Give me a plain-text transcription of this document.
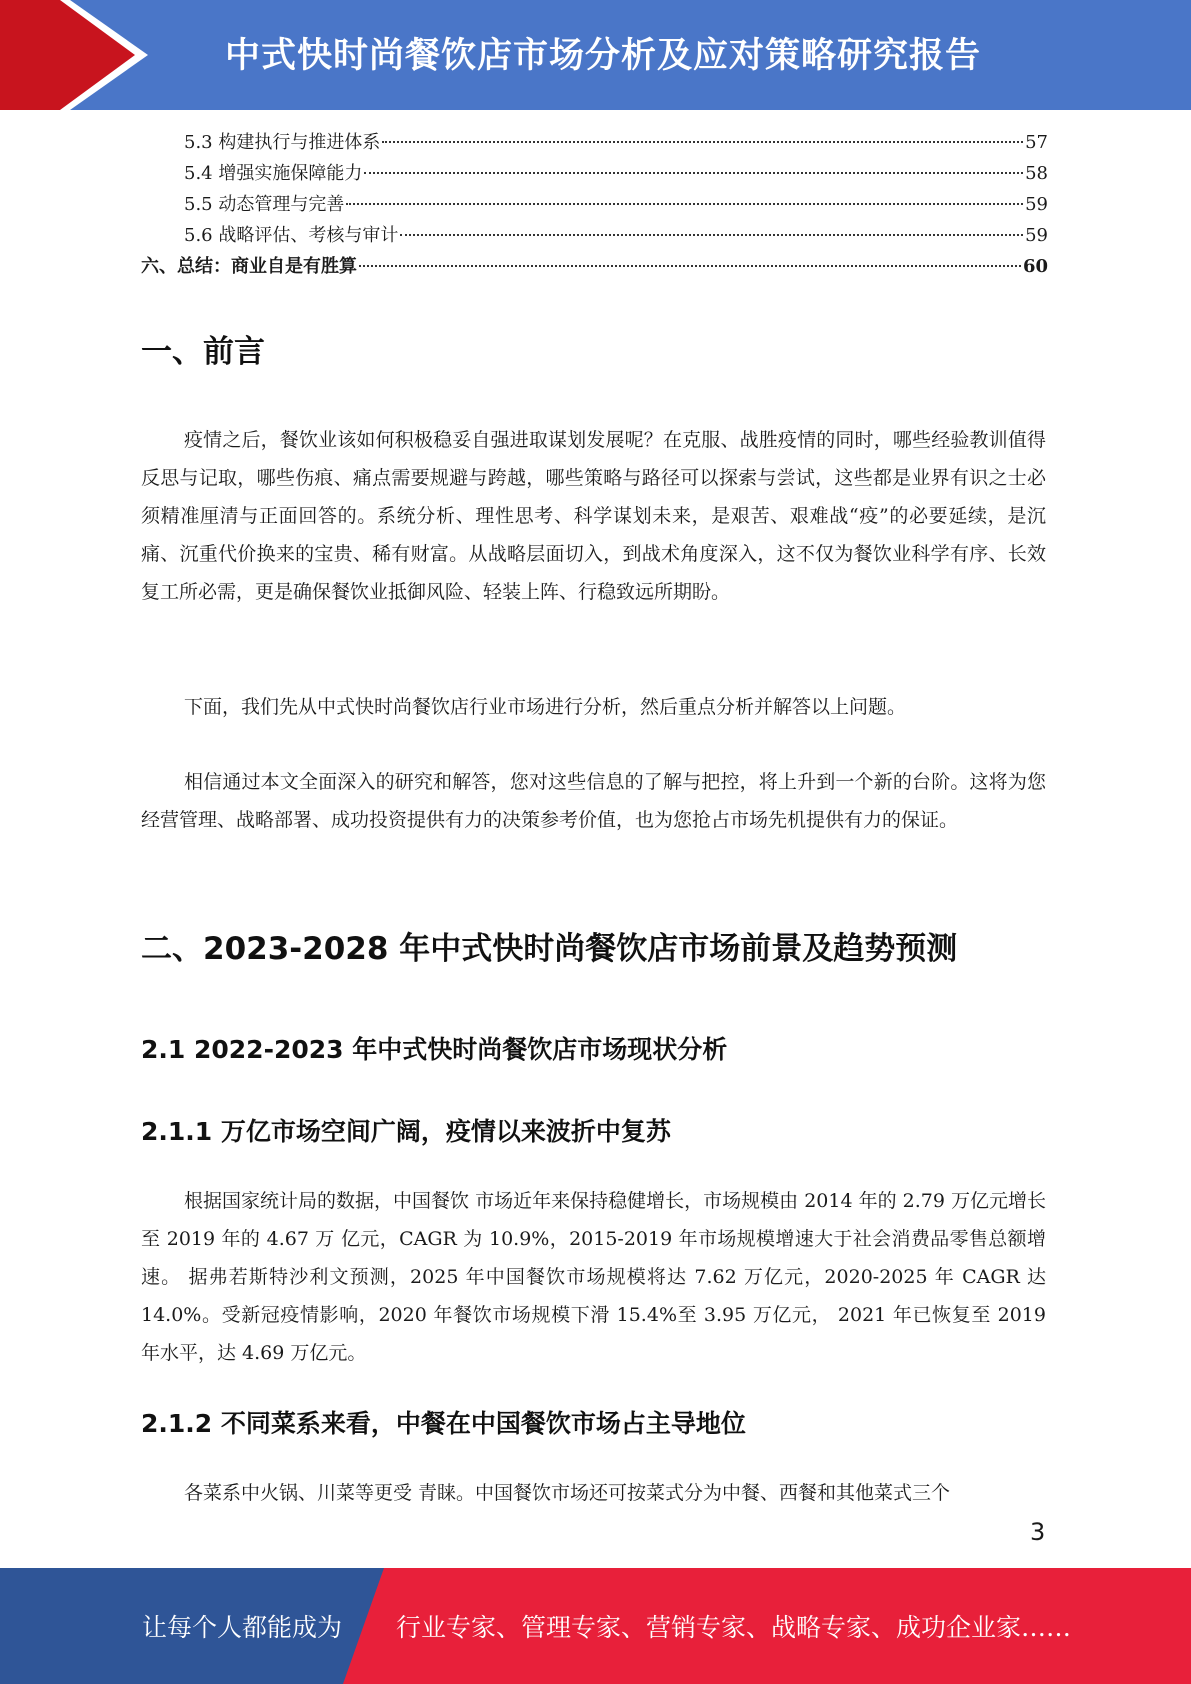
中式快时尚餐饮店市场分析及应对策略研究报告
5.3 构建执行与推进体系	57
5.4 增强实施保障能力	58
5.5 动态管理与完善	59
5.6 战略评估、考核与审计	59
六、总结：商业自是有胜算	60
一、前言

疫情之后，餐饮业该如何积极稳妥自强进取谋划发展呢？在克服、战胜疫情的同时，哪些经验教训值得反思与记取，哪些伤痕、痛点需要规避与跨越，哪些策略与路径可以探索与尝试，这些都是业界有识之士必须精准厘清与正面回答的。系统分析、理性思考、科学谋划未来，是艰苦、艰难战“疫”的必要延续，是沉痛、沉重代价换来的宝贵、稀有财富。从战略层面切入，到战术角度深入，这不仅为餐饮业科学有序、长效复工所必需，更是确保餐饮业抵御风险、轻装上阵、行稳致远所期盼。

下面，我们先从中式快时尚餐饮店行业市场进行分析，然后重点分析并解答以上问题。

相信通过本文全面深入的研究和解答，您对这些信息的了解与把控，将上升到一个新的台阶。这将为您经营管理、战略部署、成功投资提供有力的决策参考价值，也为您抢占市场先机提供有力的保证。

二、2023-2028 年中式快时尚餐饮店市场前景及趋势预测
2.1 2022-2023 年中式快时尚餐饮店市场现状分析
2.1.1 万亿市场空间广阔，疫情以来波折中复苏

根据国家统计局的数据，中国餐饮 市场近年来保持稳健增长，市场规模由 2014 年的 2.79 万亿元增长至 2019 年的 4.67 万 亿元，CAGR 为 10.9%，2015-2019 年市场规模增速大于社会消费品零售总额增速。 据弗若斯特沙利文预测，2025 年中国餐饮市场规模将达 7.62 万亿元，2020-2025 年 CAGR 达 14.0%。受新冠疫情影响，2020 年餐饮市场规模下滑 15.4%至 3.95 万亿元， 2021 年已恢复至 2019 年水平，达 4.69 万亿元。

2.1.2 不同菜系来看，中餐在中国餐饮市场占主导地位

各菜系中火锅、川菜等更受 青睐。中国餐饮市场还可按菜式分为中餐、西餐和其他菜式三个

3
让每个人都能成为 行业专家、管理专家、营销专家、战略专家、成功企业家……
